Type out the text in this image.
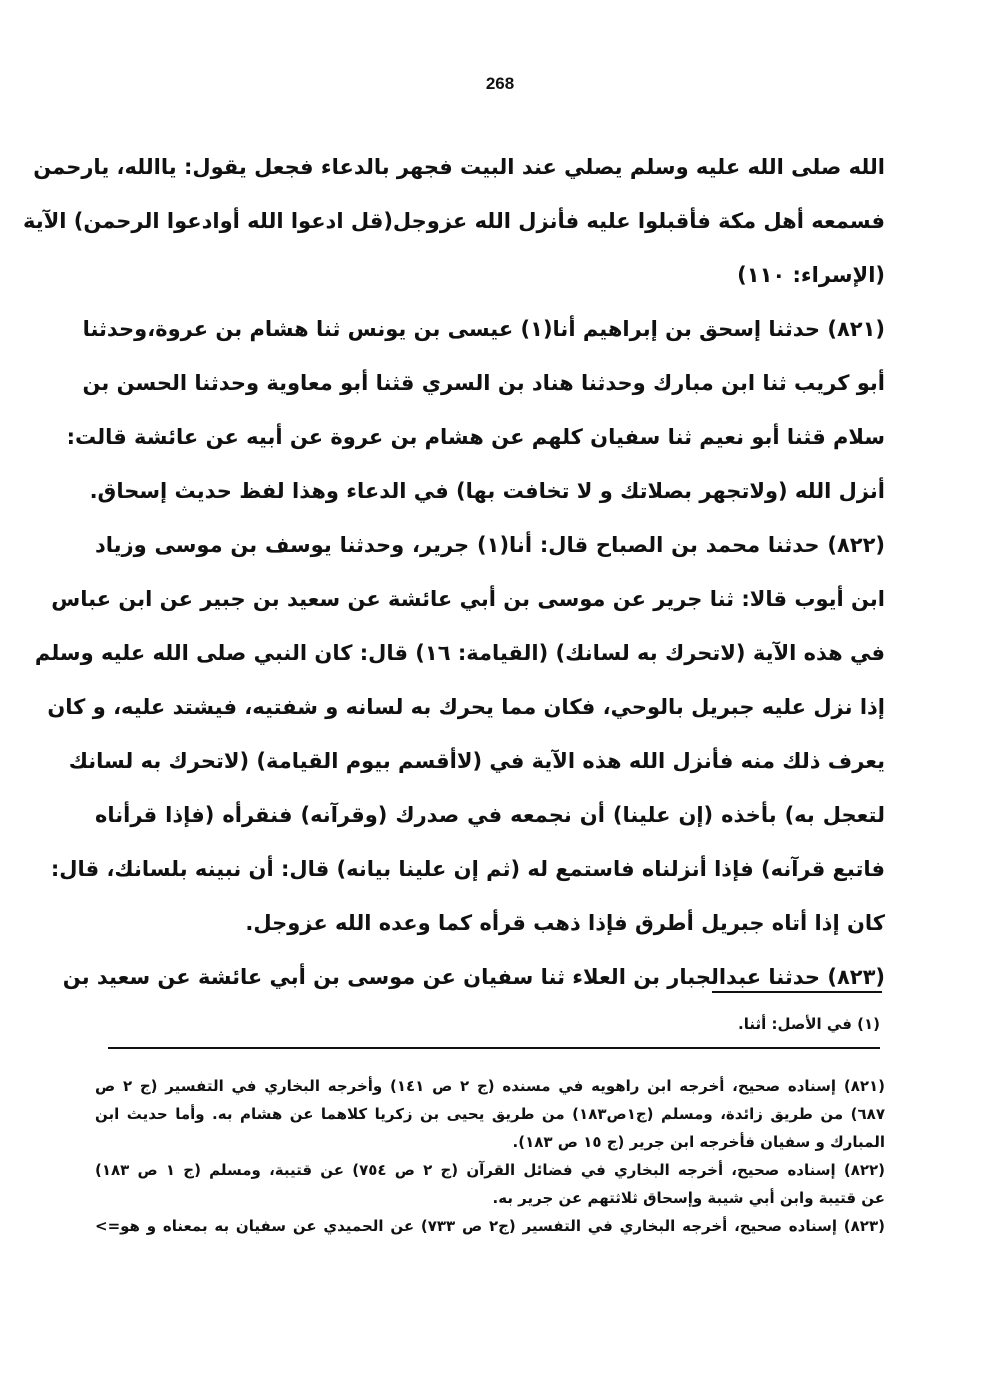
268
الله صلى الله عليه وسلم يصلي عند البيت فجهر بالدعاء فجعل يقول: ياالله، يارحمن
فسمعه أهل مكة فأقبلوا عليه فأنزل الله عزوجل(قل ادعوا الله أوادعوا الرحمن) الآية
(الإسراء: ١١٠)
(٨٢١) حدثنا إسحق بن إبراهيم أنا(١) عيسى بن يونس ثنا هشام بن عروة،وحدثنا
أبو كريب ثنا ابن مبارك وحدثنا هناد بن السري قثنا أبو معاوية وحدثنا الحسن بن
سلام قثنا أبو نعيم ثنا سفيان كلهم عن هشام بن عروة عن أبيه عن عائشة قالت:
أنزل الله (ولاتجهر بصلاتك و لا تخافت بها) في الدعاء وهذا لفظ حديث إسحاق.
(٨٢٢) حدثنا محمد بن الصباح قال: أنا(١) جرير، وحدثنا يوسف بن موسى وزياد
ابن أيوب قالا: ثنا جرير عن موسى بن أبي عائشة عن سعيد بن جبير عن ابن عباس
في هذه الآية (لاتحرك به لسانك) (القيامة: ١٦) قال: كان النبي صلى الله عليه وسلم
إذا نزل عليه جبريل بالوحي، فكان مما يحرك به لسانه و شفتيه، فيشتد عليه، و كان
يعرف ذلك منه فأنزل الله هذه الآية في (لاأقسم بيوم القيامة) (لاتحرك به لسانك
لتعجل به) بأخذه (إن علينا) أن نجمعه في صدرك (وقرآنه) فنقرأه (فإذا قرأناه
فاتبع قرآنه) فإذا أنزلناه فاستمع له (ثم إن علينا بيانه) قال: أن نبينه بلسانك، قال:
كان إذا أتاه جبريل أطرق فإذا ذهب قرأه كما وعده الله عزوجل.
(٨٢٣) حدثنا عبدالجبار بن العلاء ثنا سفيان عن موسى بن أبي عائشة عن سعيد بن
(١) في الأصل: أثنا.
(٨٢١) إسناده صحيح، أخرجه ابن راهويه في مسنده (ج ٢ ص ١٤١) وأخرجه البخاري في التفسير (ج ٢ ص
٦٨٧) من طريق زائدة، ومسلم (ج١ص١٨٣) من طريق يحيى بن زكريا كلاهما عن هشام به. وأما حديث ابن
المبارك و سفيان فأخرجه ابن جرير (ج ١٥ ص ١٨٣).
(٨٢٢) إسناده صحيح، أخرجه البخاري في فضائل القرآن (ج ٢ ص ٧٥٤) عن قتيبة، ومسلم (ج ١ ص ١٨٣)
عن قتيبة وابن أبي شيبة وإسحاق ثلاثتهم عن جرير به.
(٨٢٣) إسناده صحيح، أخرجه البخاري في التفسير (ج٢ ص ٧٣٣) عن الحميدي عن سفيان به بمعناه و هو=>
